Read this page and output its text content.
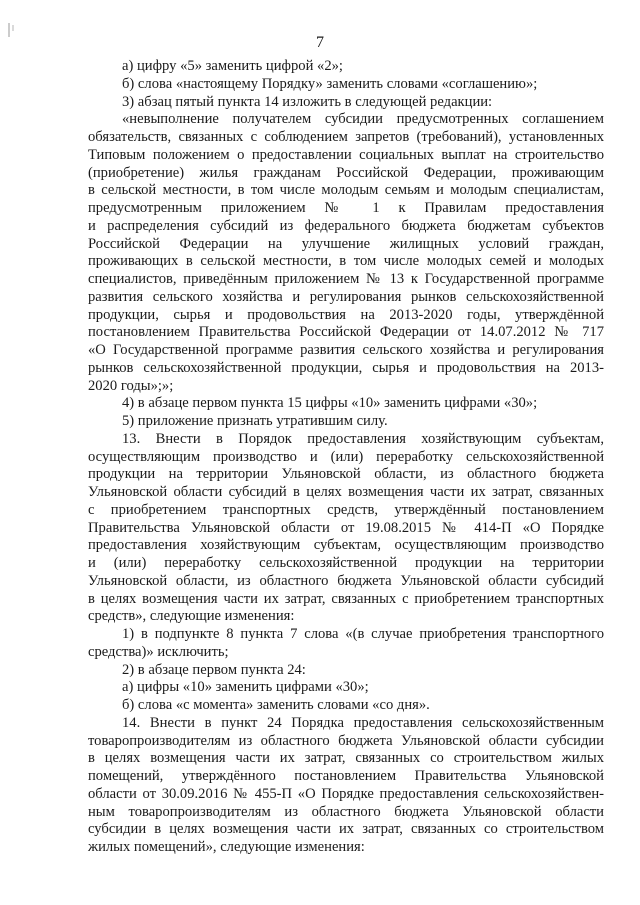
7
а) цифру «5» заменить цифрой «2»;
б) слова «настоящему Порядку» заменить словами «соглашению»;
3) абзац пятый пункта 14 изложить в следующей редакции:
«невыполнение получателем субсидии предусмотренных соглашением
обязательств, связанных с соблюдением запретов (требований), установленных
Типовым положением о предоставлении социальных выплат на строительство
(приобретение) жилья гражданам Российской Федерации, проживающим
в сельской местности, в том числе молодым семьям и молодым специалистам,
предусмотренным приложением № 1 к Правилам предоставления
и распределения субсидий из федерального бюджета бюджетам субъектов
Российской Федерации на улучшение жилищных условий граждан,
проживающих в сельской местности, в том числе молодых семей и молодых
специалистов, приведённым приложением № 13 к Государственной программе
развития сельского хозяйства и регулирования рынков сельскохозяйственной
продукции, сырья и продовольствия на 2013-2020 годы, утверждённой
постановлением Правительства Российской Федерации от 14.07.2012 № 717
«О Государственной программе развития сельского хозяйства и регулирования
рынков сельскохозяйственной продукции, сырья и продовольствия на 2013-
2020 годы»;»;
4) в абзаце первом пункта 15 цифры «10» заменить цифрами «30»;
5) приложение признать утратившим силу.
13. Внести в Порядок предоставления хозяйствующим субъектам,
осуществляющим производство и (или) переработку сельскохозяйственной
продукции на территории Ульяновской области, из областного бюджета
Ульяновской области субсидий в целях возмещения части их затрат, связанных
с приобретением транспортных средств, утверждённый постановлением
Правительства Ульяновской области от 19.08.2015 № 414-П «О Порядке
предоставления хозяйствующим субъектам, осуществляющим производство
и (или) переработку сельскохозяйственной продукции на территории
Ульяновской области, из областного бюджета Ульяновской области субсидий
в целях возмещения части их затрат, связанных с приобретением транспортных
средств», следующие изменения:
1) в подпункте 8 пункта 7 слова «(в случае приобретения транспортного
средства)» исключить;
2) в абзаце первом пункта 24:
а) цифры «10» заменить цифрами «30»;
б) слова «с момента» заменить словами «со дня».
14. Внести в пункт 24 Порядка предоставления сельскохозяйственным
товаропроизводителям из областного бюджета Ульяновской области субсидии
в целях возмещения части их затрат, связанных со строительством жилых
помещений, утверждённого постановлением Правительства Ульяновской
области от 30.09.2016 № 455-П «О Порядке предоставления сельскохозяйствен-
ным товаропроизводителям из областного бюджета Ульяновской области
субсидии в целях возмещения части их затрат, связанных со строительством
жилых помещений», следующие изменения:
